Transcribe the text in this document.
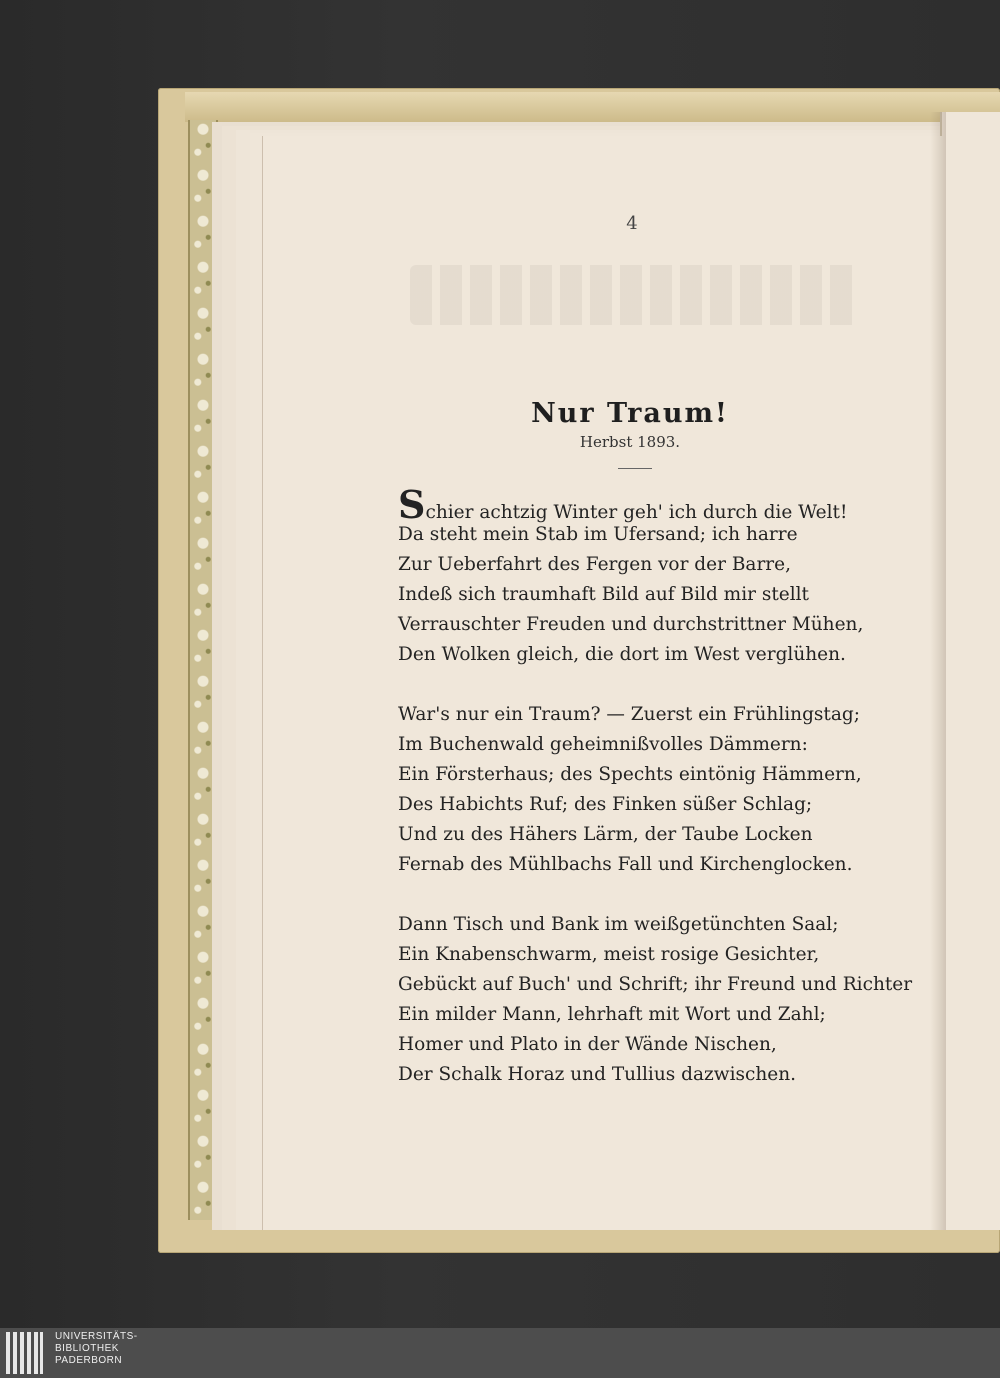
4
Nur Traum!
Herbst 1893.
Schier achtzig Winter geh' ich durch die Welt!
Da steht mein Stab im Ufersand; ich harre
Zur Ueberfahrt des Fergen vor der Barre,
Indeß sich traumhaft Bild auf Bild mir stellt
Verrauschter Freuden und durchstrittner Mühen,
Den Wolken gleich, die dort im West verglühen.
War's nur ein Traum? — Zuerst ein Frühlingstag;
Im Buchenwald geheimnißvolles Dämmern:
Ein Försterhaus; des Spechts eintönig Hämmern,
Des Habichts Ruf; des Finken süßer Schlag;
Und zu des Hähers Lärm, der Taube Locken
Fernab des Mühlbachs Fall und Kirchenglocken.
Dann Tisch und Bank im weißgetünchten Saal;
Ein Knabenschwarm, meist rosige Gesichter,
Gebückt auf Buch' und Schrift; ihr Freund und Richter
Ein milder Mann, lehrhaft mit Wort und Zahl;
Homer und Plato in der Wände Nischen,
Der Schalk Horaz und Tullius dazwischen.
UNIVERSITÄTS-
BIBLIOTHEK
PADERBORN
